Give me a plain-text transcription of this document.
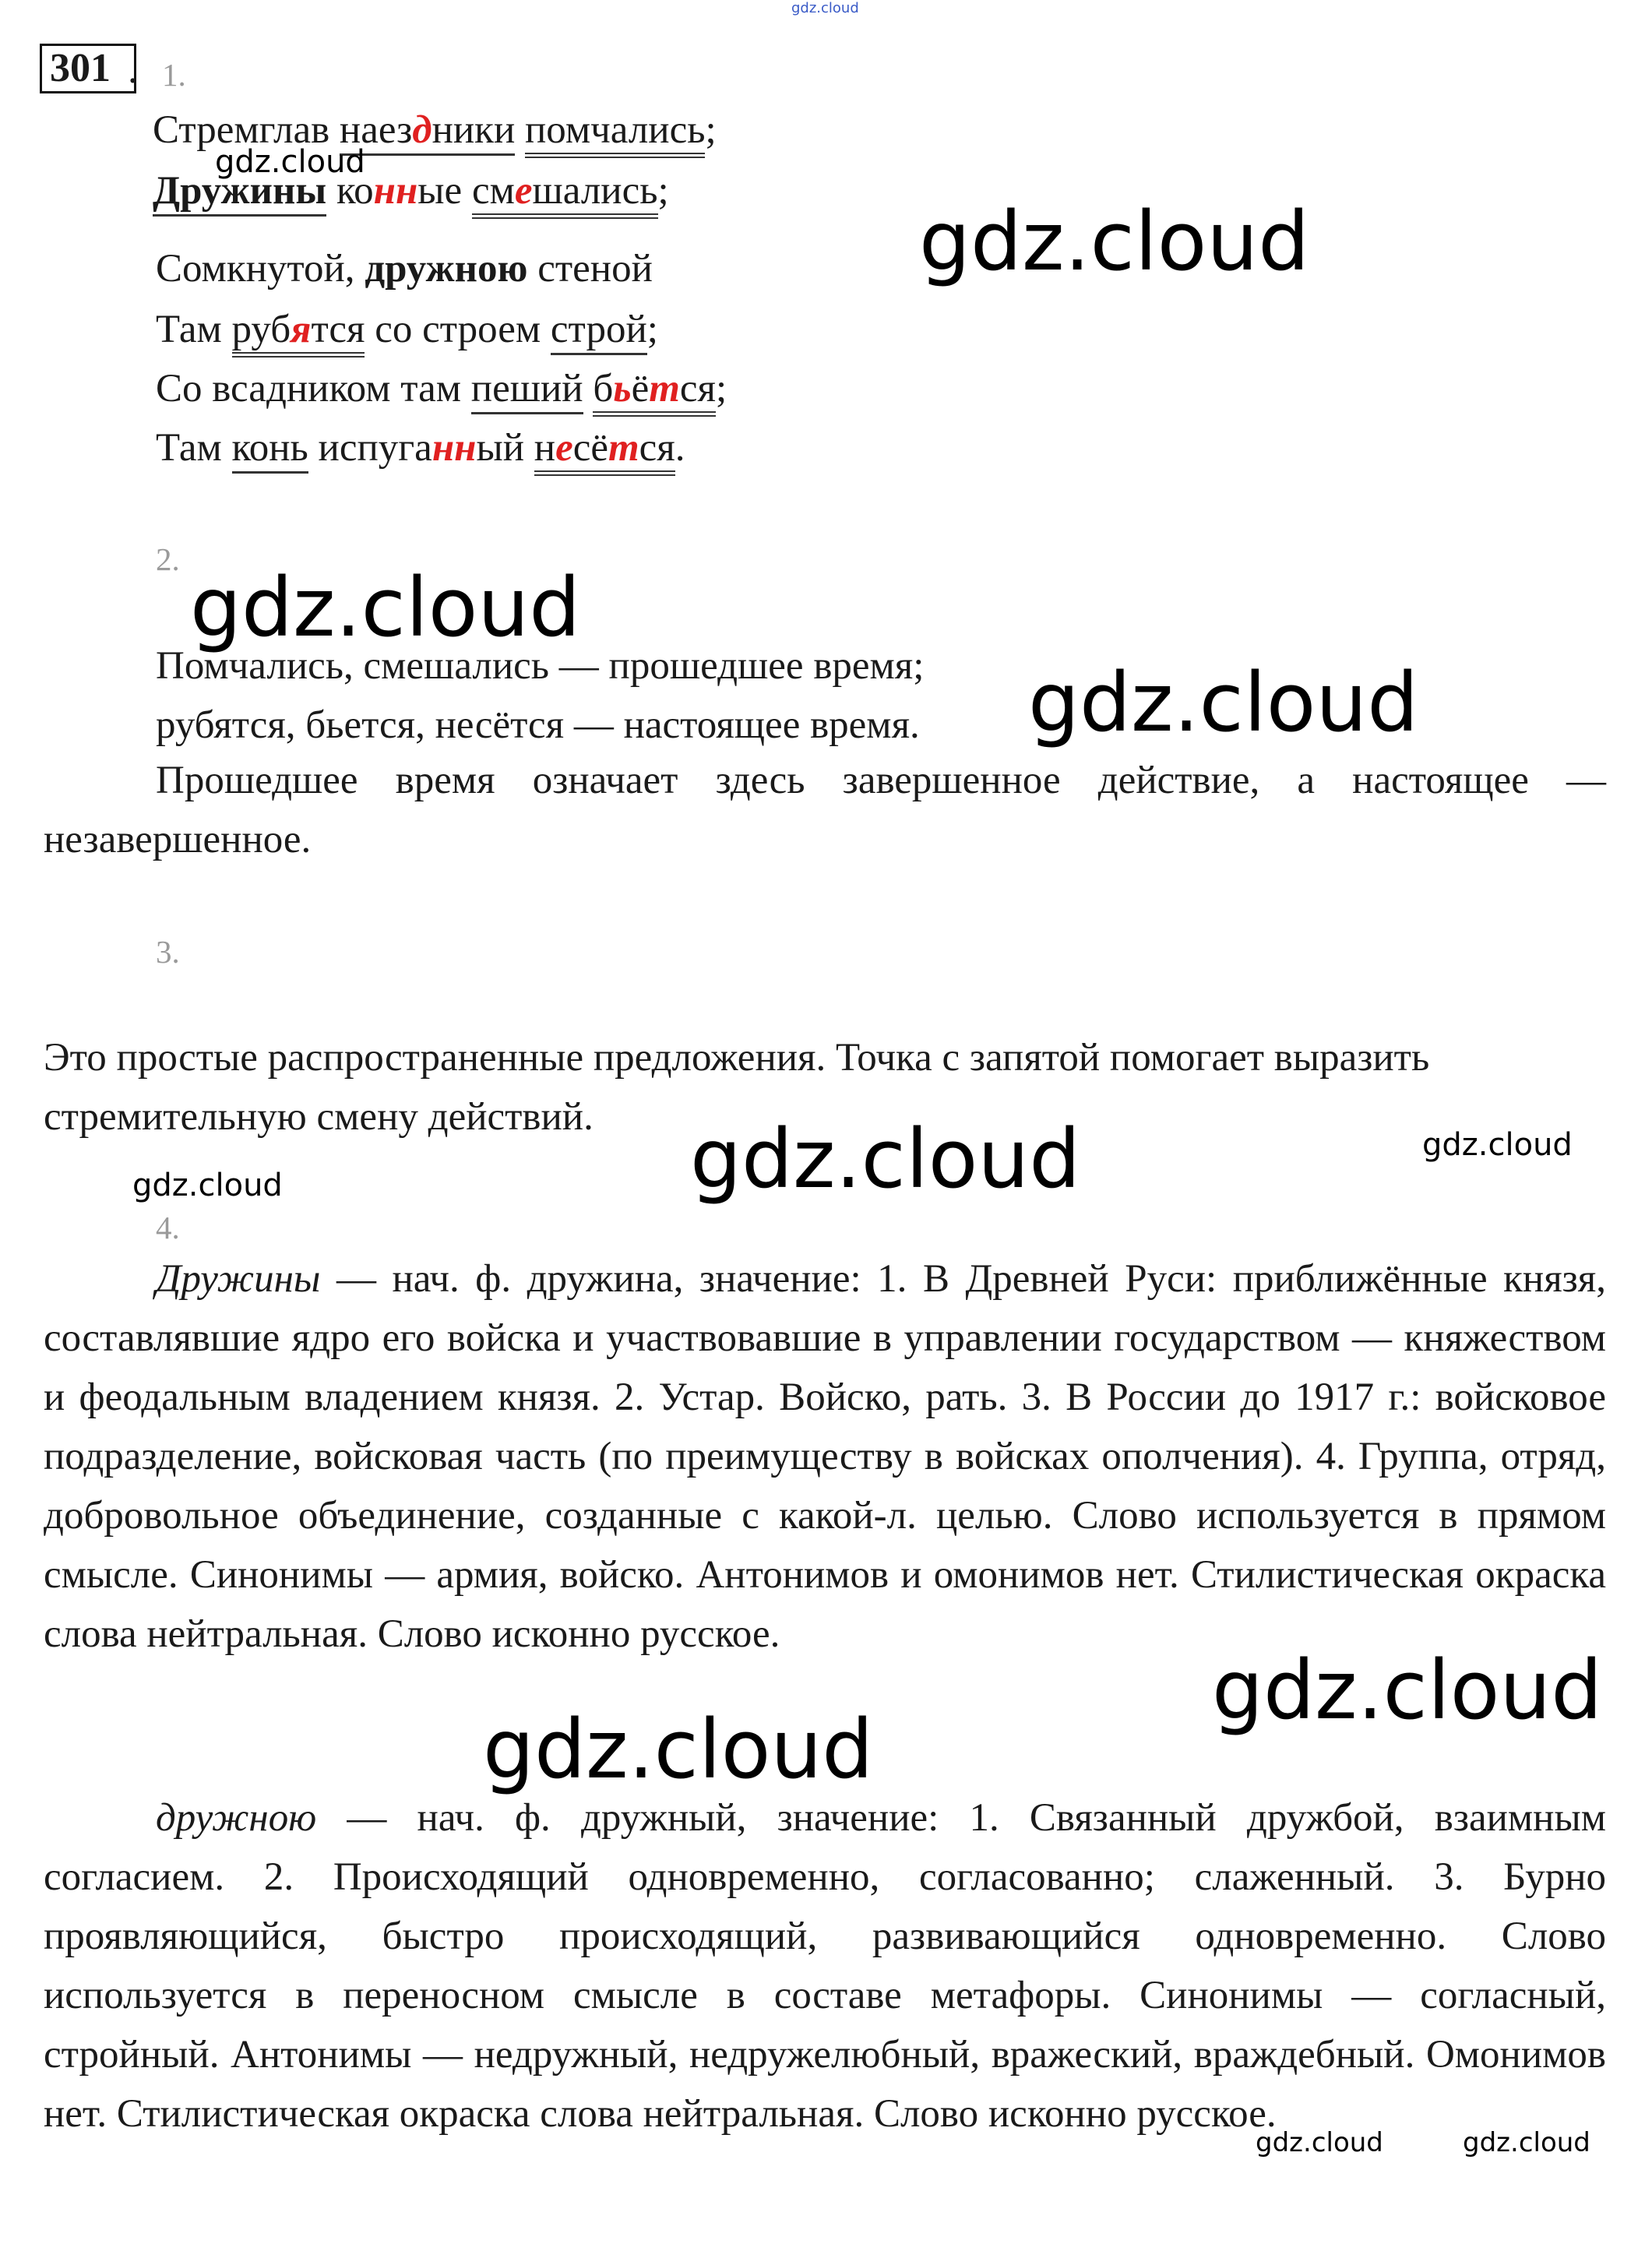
gdz.cloud
301 . 1.
Стремглав наездники помчались;
gdz.cloud
Дружины конные смешались;
gdz.cloud
Сомкнутой, дружною стеной
Там рубятся со строем строй;
Со всадником там пеший бьётся;
Там конь испуганный несётся.
2.
gdz.cloud
Помчались, смешались — прошедшее время;
рубятся, бьется, несётся — настоящее время. gdz.cloud
Прошедшее время означает здесь завершенное действие, а настоящее — незавершенное.
3.
Это простые распространенные предложения. Точка с запятой помогает выразить стремительную смену действий.	gdz.cloud	gdz.cloud
gdz.cloud
4.
Дружины — нач. ф. дружина, значение: 1. В Древней Руси: приближённые князя, составлявшие ядро его войска и участвовавшие в управлении государством — княжеством и феодальным владением князя. 2. Устар. Войско, рать. 3. В России до 1917 г.: войсковое подразделение, войсковая часть (по преимуществу в войсках ополчения). 4. Группа, отряд, добровольное объединение, созданные с какой-л. целью. Слово используется в прямом смысле. Синонимы — армия, войско. Антонимов и омонимов нет. Стилистическая окраска слова нейтральная. Слово исконно русское.
gdz.cloud
gdz.cloud
дружною — нач. ф. дружный, значение: 1. Связанный дружбой, взаимным согласием. 2. Происходящий одновременно, согласованно; слаженный. 3. Бурно проявляющийся, быстро происходящий, развивающийся одновременно. Слово используется в переносном смысле в составе метафоры. Синонимы — согласный, стройный. Антонимы — недружный, недружелюбный, вражеский, враждебный. Омонимов нет. Стилистическая окраска слова нейтральная. Слово исконно русское.
gdz.cloud	gdz.cloud
